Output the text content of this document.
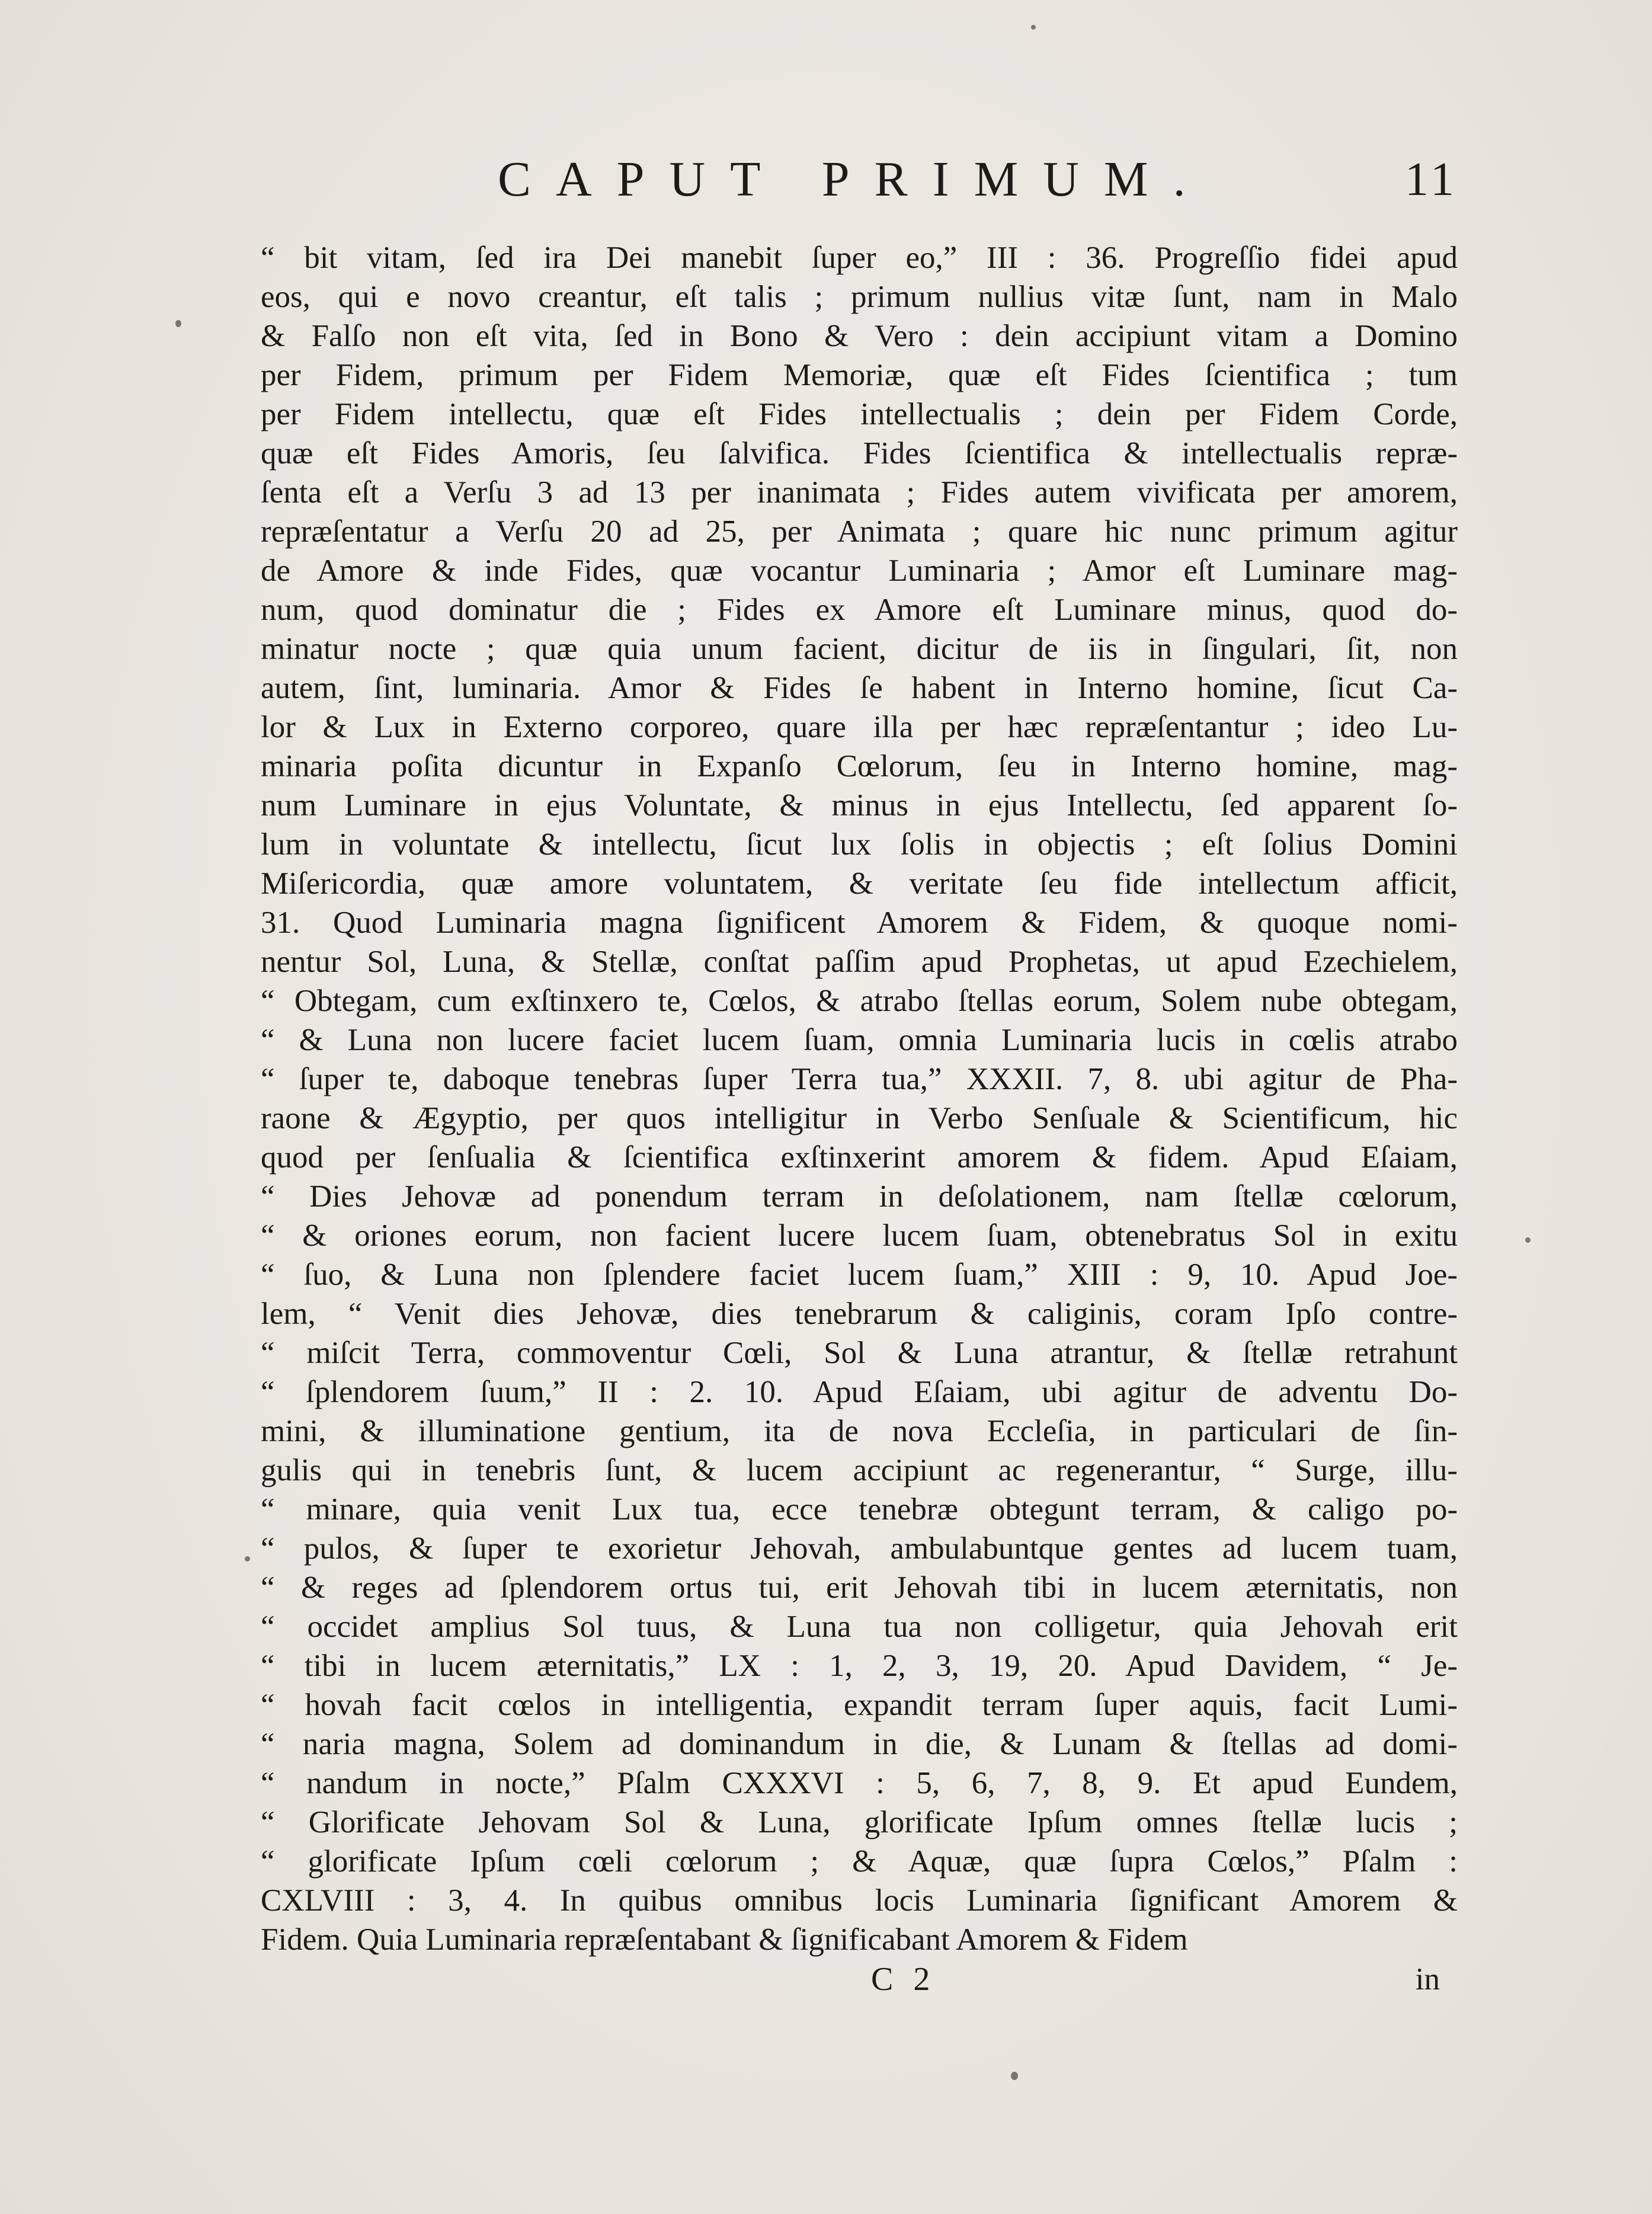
CAPUT PRIMUM.	11
“ bit vitam, ſed ira Dei manebit ſuper eo,” III : 36. Progreſſio fidei apud
eos, qui e novo creantur, eſt talis ; primum nullius vitæ ſunt, nam in Malo
& Falſo non eſt vita, ſed in Bono & Vero : dein accipiunt vitam a Domino
per Fidem, primum per Fidem Memoriæ, quæ eſt Fides ſcientifica ; tum
per Fidem intellectu, quæ eſt Fides intellectualis ; dein per Fidem Corde,
quæ eſt Fides Amoris, ſeu ſalvifica. Fides ſcientifica & intellectualis repræ-
ſenta eſt a Verſu 3 ad 13 per inanimata ; Fides autem vivificata per amorem,
repræſentatur a Verſu 20 ad 25, per Animata ; quare hic nunc primum agitur
de Amore & inde Fides, quæ vocantur Luminaria ; Amor eſt Luminare mag-
num, quod dominatur die ; Fides ex Amore eſt Luminare minus, quod do-
minatur nocte ; quæ quia unum facient, dicitur de iis in ſingulari, ſit, non
autem, ſint, luminaria. Amor & Fides ſe habent in Interno homine, ſicut Ca-
lor & Lux in Externo corporeo, quare illa per hæc repræſentantur ; ideo Lu-
minaria poſita dicuntur in Expanſo Cœlorum, ſeu in Interno homine, mag-
num Luminare in ejus Voluntate, & minus in ejus Intellectu, ſed apparent ſo-
lum in voluntate & intellectu, ſicut lux ſolis in objectis ; eſt ſolius Domini
Miſericordia, quæ amore voluntatem, & veritate ſeu fide intellectum afficit,
31. Quod Luminaria magna ſignificent Amorem & Fidem, & quoque nomi-
nentur Sol, Luna, & Stellæ, conſtat paſſim apud Prophetas, ut apud Ezechielem,
“ Obtegam, cum exſtinxero te, Cœlos, & atrabo ſtellas eorum, Solem nube obtegam,
“ & Luna non lucere faciet lucem ſuam, omnia Luminaria lucis in cœlis atrabo
“ ſuper te, daboque tenebras ſuper Terra tua,” XXXII. 7, 8. ubi agitur de Pha-
raone & Ægyptio, per quos intelligitur in Verbo Senſuale & Scientificum, hic
quod per ſenſualia & ſcientifica exſtinxerint amorem & fidem. Apud Eſaiam,
“ Dies Jehovæ ad ponendum terram in deſolationem, nam ſtellæ cœlorum,
“ & oriones eorum, non facient lucere lucem ſuam, obtenebratus Sol in exitu
“ ſuo, & Luna non ſplendere faciet lucem ſuam,” XIII : 9, 10. Apud Joe-
lem, “ Venit dies Jehovæ, dies tenebrarum & caliginis, coram Ipſo contre-
“ miſcit Terra, commoventur Cœli, Sol & Luna atrantur, & ſtellæ retrahunt
“ ſplendorem ſuum,” II : 2. 10. Apud Eſaiam, ubi agitur de adventu Do-
mini, & illuminatione gentium, ita de nova Eccleſia, in particulari de ſin-
gulis qui in tenebris ſunt, & lucem accipiunt ac regenerantur, “ Surge, illu-
“ minare, quia venit Lux tua, ecce tenebræ obtegunt terram, & caligo po-
“ pulos, & ſuper te exorietur Jehovah, ambulabuntque gentes ad lucem tuam,
“ & reges ad ſplendorem ortus tui, erit Jehovah tibi in lucem æternitatis, non
“ occidet amplius Sol tuus, & Luna tua non colligetur, quia Jehovah erit
“ tibi in lucem æternitatis,” LX : 1, 2, 3, 19, 20. Apud Davidem, “ Je-
“ hovah facit cœlos in intelligentia, expandit terram ſuper aquis, facit Lumi-
“ naria magna, Solem ad dominandum in die, & Lunam & ſtellas ad domi-
“ nandum in nocte,” Pſalm CXXXVI : 5, 6, 7, 8, 9. Et apud Eundem,
“ Glorificate Jehovam Sol & Luna, glorificate Ipſum omnes ſtellæ lucis ;
“ glorificate Ipſum cœli cœlorum ; & Aquæ, quæ ſupra Cœlos,” Pſalm :
CXLVIII : 3, 4. In quibus omnibus locis Luminaria ſignificant Amorem &
Fidem. Quia Luminaria repræſentabant & ſignificabant Amorem & Fidem
C 2	in
